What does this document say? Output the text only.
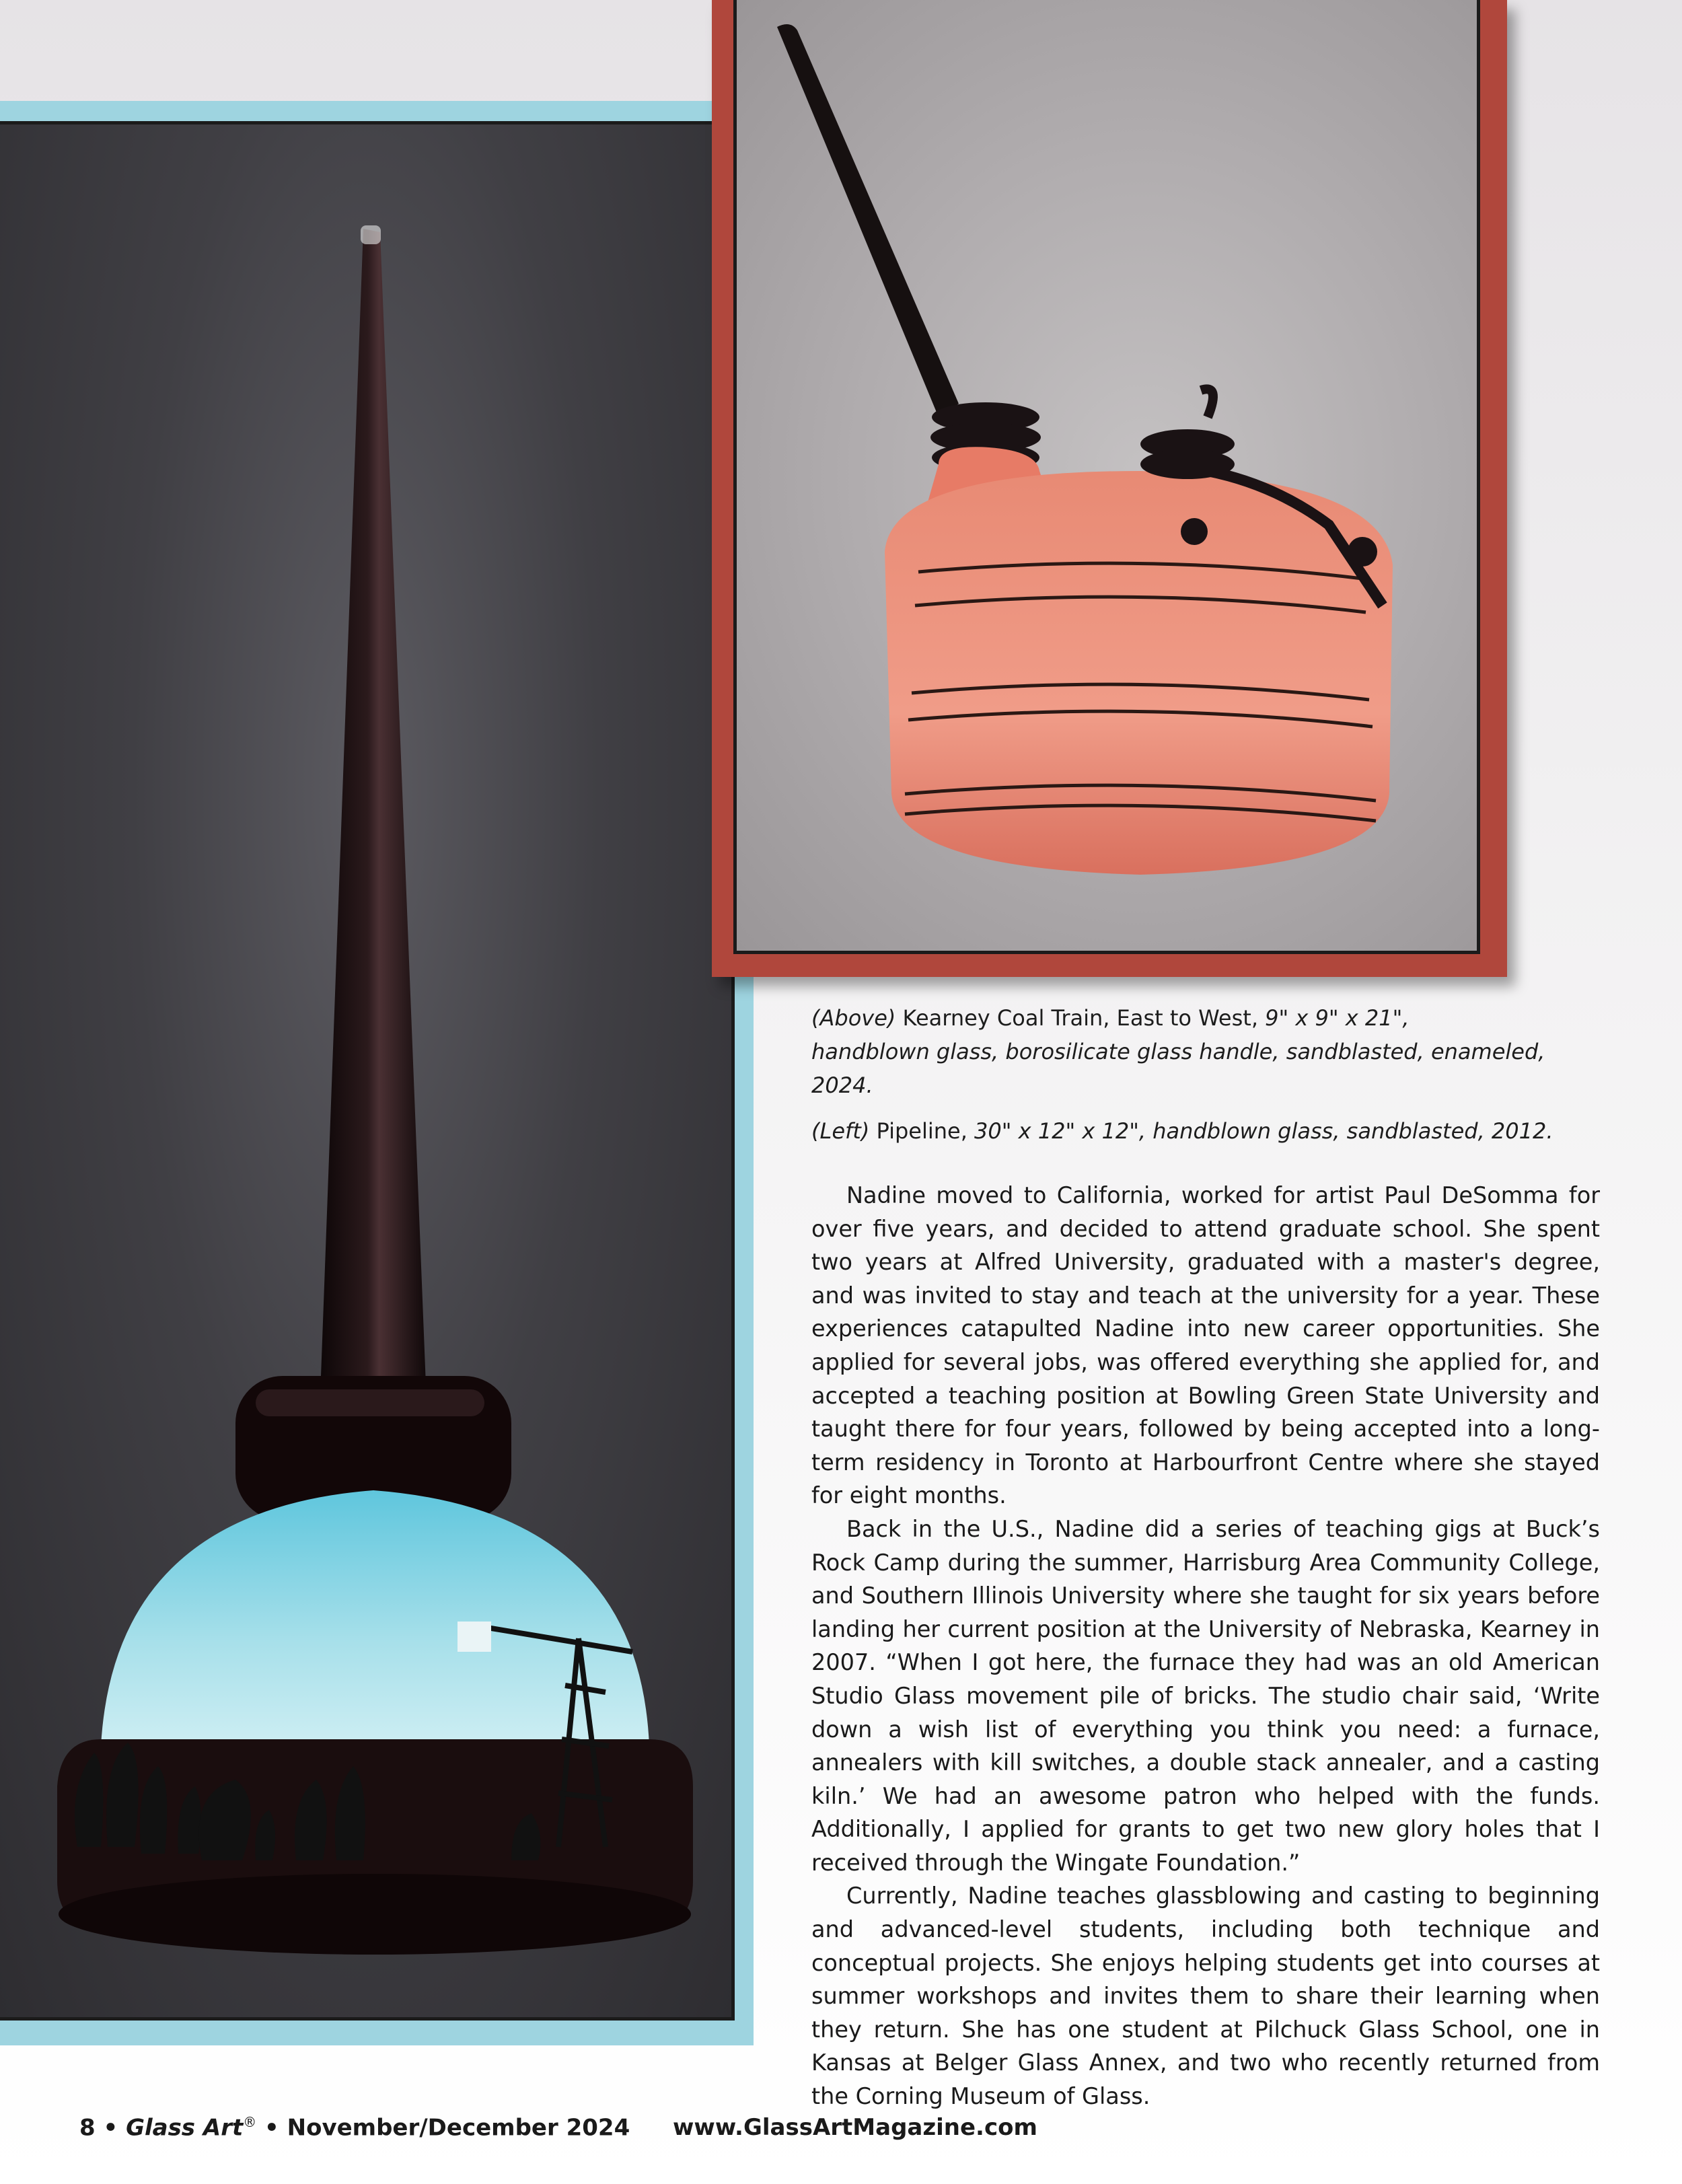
(Above) Kearney Coal Train, East to West, 9" x 9" x 21",
handblown glass, borosilicate glass handle, sandblasted, enameled, 2024.

(Left) Pipeline, 30" x 12" x 12", handblown glass, sandblasted, 2012.

Nadine moved to California, worked for artist Paul DeSomma for over five years, and decided to attend graduate school. She spent two years at Alfred University, graduated with a master's degree, and was invited to stay and teach at the university for a year. These experiences catapulted Nadine into new career opportunities. She applied for several jobs, was offered everything she applied for, and accepted a teaching position at Bowling Green State University and taught there for four years, followed by being accepted into a long-term residency in Toronto at Harbourfront Centre where she stayed for eight months.

Back in the U.S., Nadine did a series of teaching gigs at Buck’s Rock Camp during the summer, Harrisburg Area Community College, and Southern Illinois University where she taught for six years before landing her current position at the University of Nebraska, Kearney in 2007. “When I got here, the furnace they had was an old American Studio Glass movement pile of bricks. The studio chair said, ‘Write down a wish list of everything you think you need: a furnace, annealers with kill switches, a double stack annealer, and a casting kiln.’ We had an awesome patron who helped with the funds. Additionally, I applied for grants to get two new glory holes that I received through the Wingate Foundation.”

Currently, Nadine teaches glassblowing and casting to beginning and advanced-level students, including both technique and conceptual projects. She enjoys helping students get into courses at summer workshops and invites them to share their learning when they return. She has one student at Pilchuck Glass School, one in Kansas at Belger Glass Annex, and two who recently returned from the Corning Museum of Glass.

8 • Glass Art® • November/December 2024 www.GlassArtMagazine.com
